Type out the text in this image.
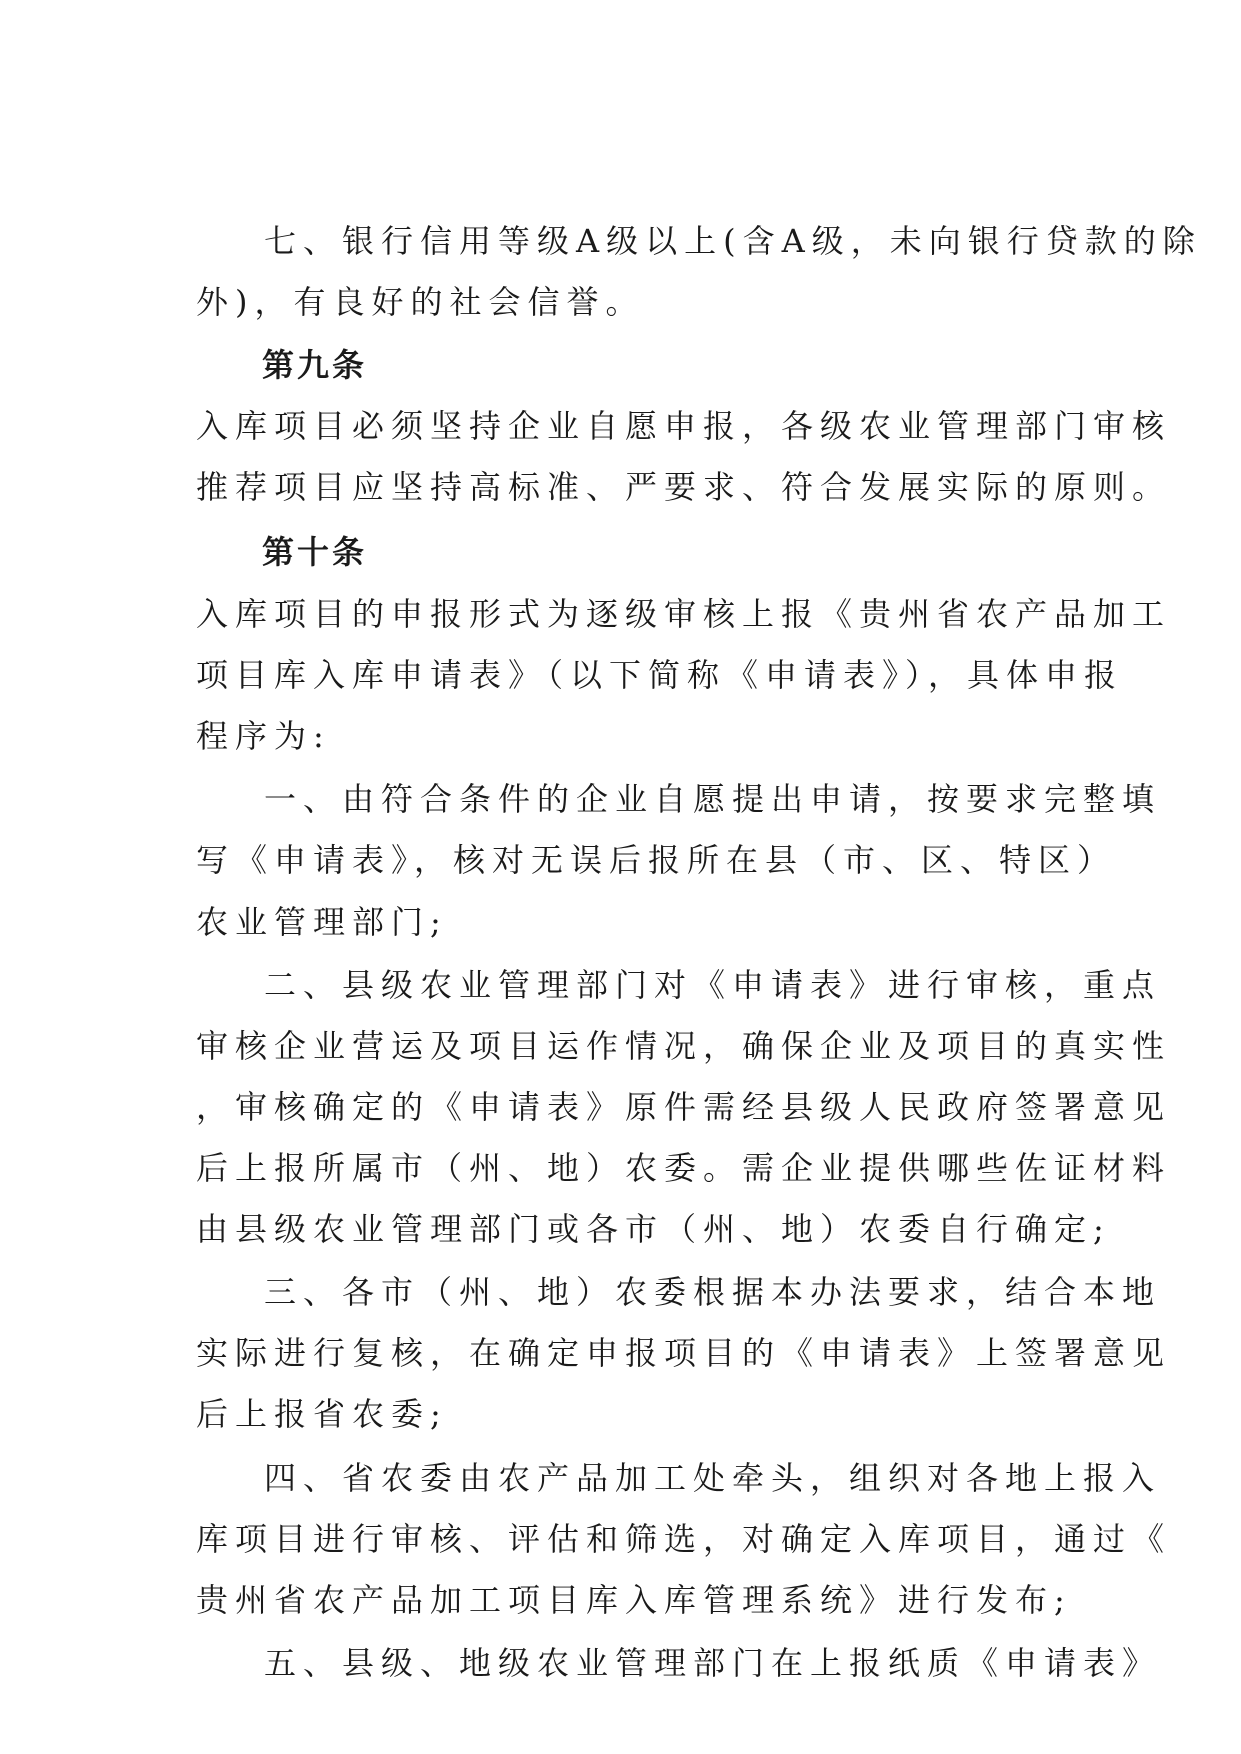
七、银行信用等级A级以上(含A级，未向银行贷款的除
外)，有良好的社会信誉。
第九条
入库项目必须坚持企业自愿申报，各级农业管理部门审核
推荐项目应坚持高标准、严要求、符合发展实际的原则。
第十条
入库项目的申报形式为逐级审核上报《贵州省农产品加工
项目库入库申请表》（以下简称《申请表》），具体申报
程序为:
一、由符合条件的企业自愿提出申请，按要求完整填
写《申请表》，核对无误后报所在县（市、区、特区）
农业管理部门;
二、县级农业管理部门对《申请表》进行审核，重点
审核企业营运及项目运作情况，确保企业及项目的真实性
，审核确定的《申请表》原件需经县级人民政府签署意见
后上报所属市（州、地）农委。需企业提供哪些佐证材料
由县级农业管理部门或各市（州、地）农委自行确定;
三、各市（州、地）农委根据本办法要求，结合本地
实际进行复核，在确定申报项目的《申请表》上签署意见
后上报省农委;
四、省农委由农产品加工处牵头，组织对各地上报入
库项目进行审核、评估和筛选，对确定入库项目，通过《
贵州省农产品加工项目库入库管理系统》进行发布;
五、县级、地级农业管理部门在上报纸质《申请表》
